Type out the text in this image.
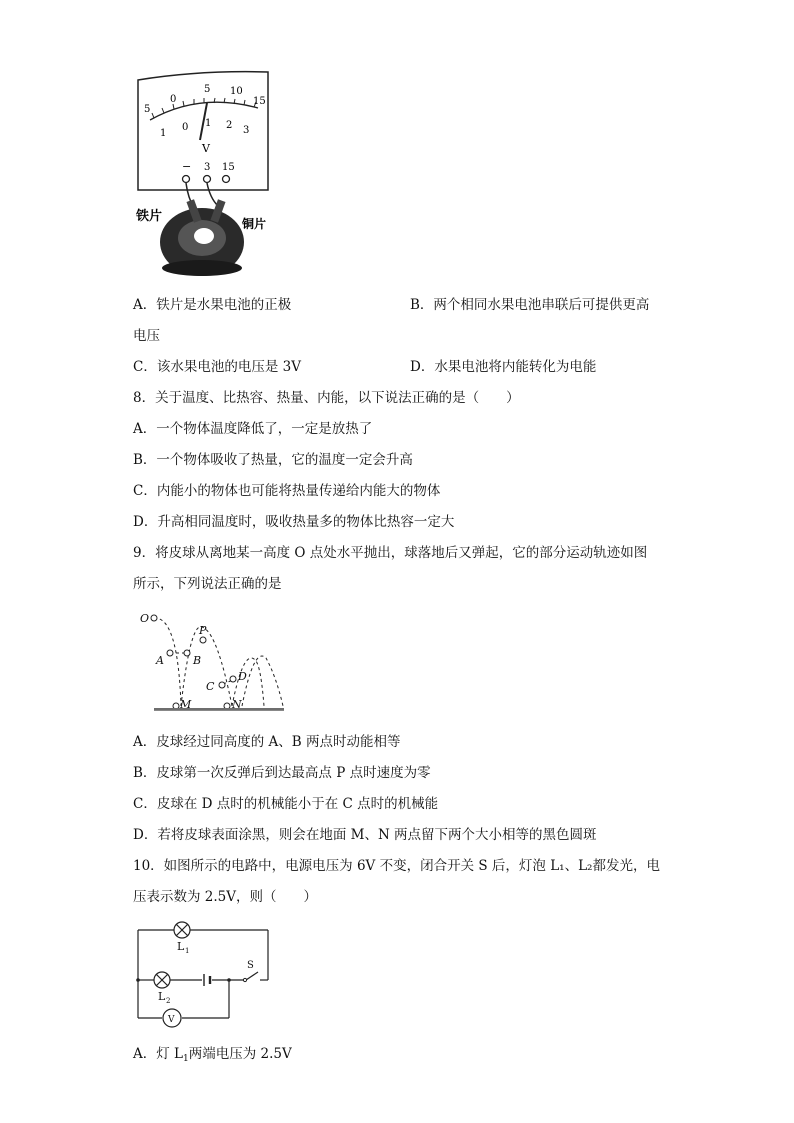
V
5
0
5 10
15
1
0 1 2 3
− 3 15
铁片	铜片
A．铁片是水果电池的正极	B．两个相同水果电池串联后可提供更高
电压
C．该水果电池的电压是 3V	D．水果电池将内能转化为电能
8．关于温度、比热容、热量、内能，以下说法正确的是（　　）
A．一个物体温度降低了，一定是放热了
B．一个物体吸收了热量，它的温度一定会升高
C．内能小的物体也可能将热量传递给内能大的物体
D．升高相同温度时，吸收热量多的物体比热容一定大
9．将皮球从离地某一高度 O 点处水平抛出，球落地后又弹起，它的部分运动轨迹如图
所示，下列说法正确的是
O
P
A	B
C
D
M	N
A．皮球经过同高度的 A、B 两点时动能相等
B．皮球第一次反弹后到达最高点 P 点时速度为零
C．皮球在 D 点时的机械能小于在 C 点时的机械能
D．若将皮球表面涂黑，则会在地面 M、N 两点留下两个大小相等的黑色圆斑
10．如图所示的电路中，电源电压为 6V 不变，闭合开关 S 后，灯泡 L₁、L₂都发光，电
压表示数为 2.5V，则（　　）
V
L 1
L 2
S
A．灯 $L_1$两端电压为 2.5V
